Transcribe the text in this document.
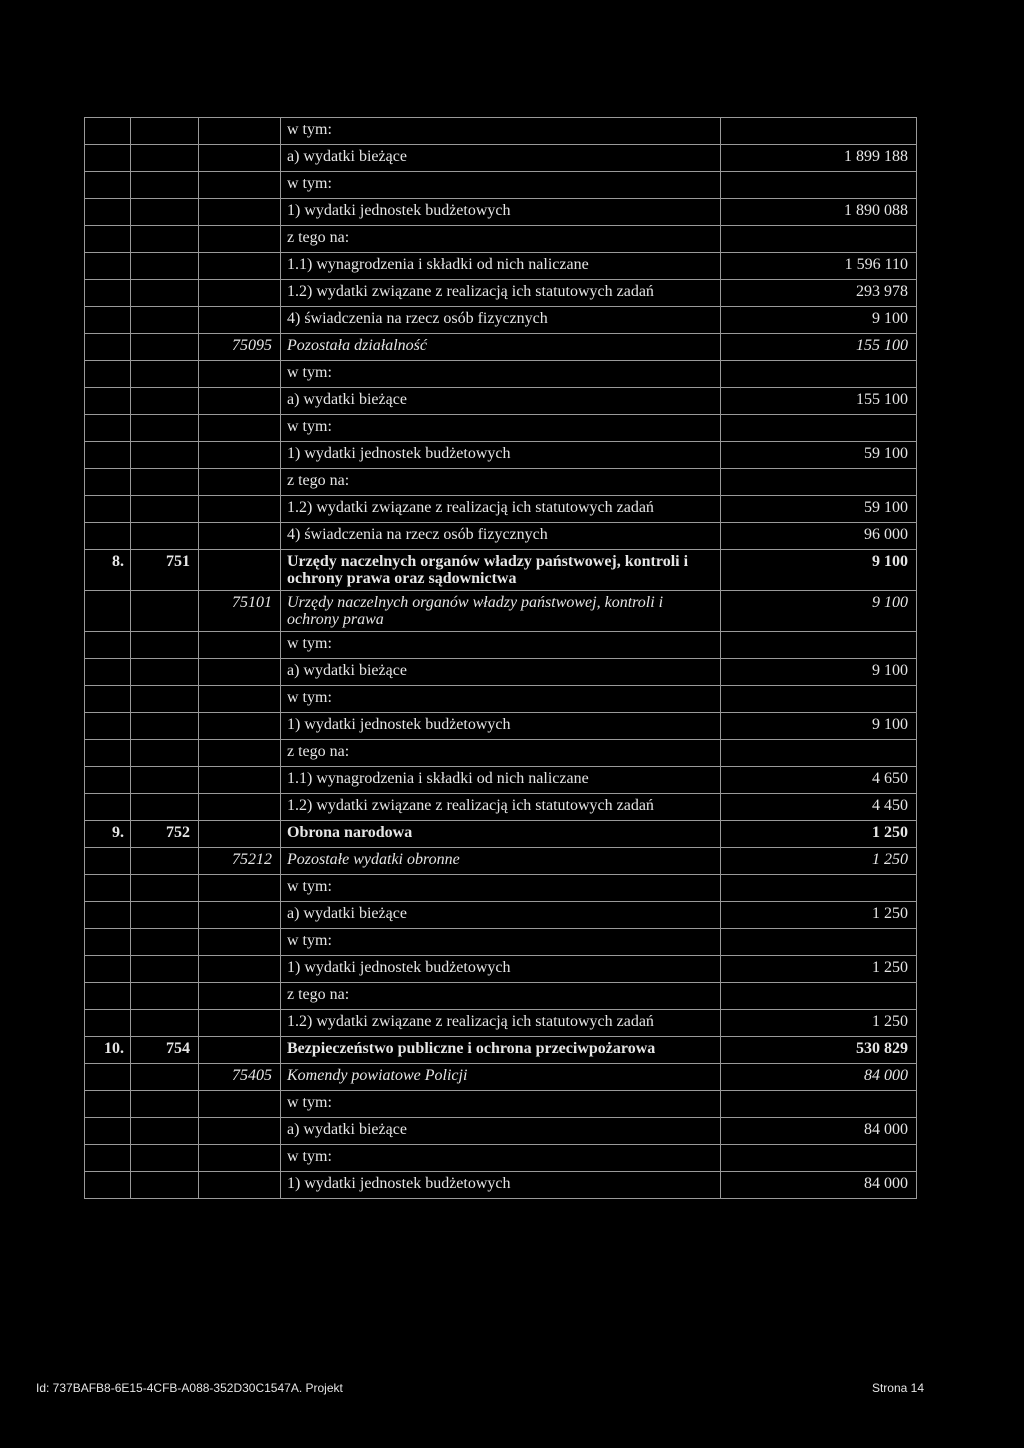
			w tym:	
			a) wydatki bieżące	1 899 188
			w tym:	
			1) wydatki jednostek budżetowych	1 890 088
			z tego na:	
			1.1) wynagrodzenia i składki od nich naliczane	1 596 110
			1.2) wydatki związane z realizacją ich statutowych zadań	293 978
			4) świadczenia na rzecz osób fizycznych	9 100
		75095	Pozostała działalność	155 100
			w tym:	
			a) wydatki bieżące	155 100
			w tym:	
			1) wydatki jednostek budżetowych	59 100
			z tego na:	
			1.2) wydatki związane z realizacją ich statutowych zadań	59 100
			4) świadczenia na rzecz osób fizycznych	96 000
8.	751		Urzędy naczelnych organów władzy państwowej, kontroli i ochrony prawa oraz sądownictwa	9 100
		75101	Urzędy naczelnych organów władzy państwowej, kontroli i ochrony prawa	9 100
			w tym:	
			a) wydatki bieżące	9 100
			w tym:	
			1) wydatki jednostek budżetowych	9 100
			z tego na:	
			1.1) wynagrodzenia i składki od nich naliczane	4 650
			1.2) wydatki związane z realizacją ich statutowych zadań	4 450
9.	752		Obrona narodowa	1 250
		75212	Pozostałe wydatki obronne	1 250
			w tym:	
			a) wydatki bieżące	1 250
			w tym:	
			1) wydatki jednostek budżetowych	1 250
			z tego na:	
			1.2) wydatki związane z realizacją ich statutowych zadań	1 250
10.	754		Bezpieczeństwo publiczne i ochrona przeciwpożarowa	530 829
		75405	Komendy powiatowe Policji	84 000
			w tym:	
			a) wydatki bieżące	84 000
			w tym:	
			1) wydatki jednostek budżetowych	84 000
Id: 737BAFB8-6E15-4CFB-A088-352D30C1547A. Projekt	Strona 14
